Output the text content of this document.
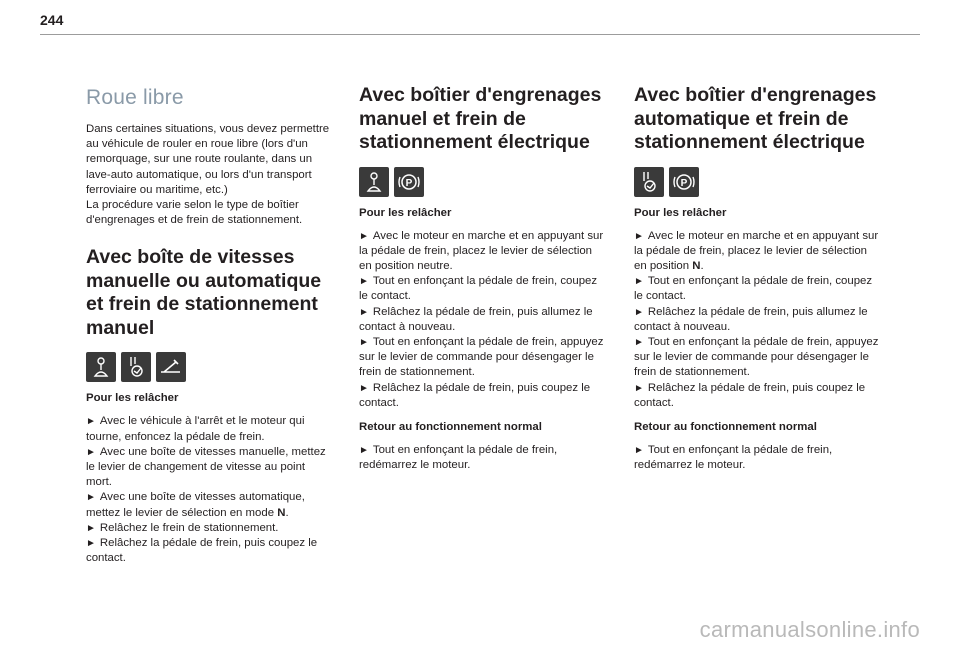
244
Roue libre

Dans certaines situations, vous devez permettre
au véhicule de rouler en roue libre (lors d'un
remorquage, sur une route roulante, dans un
lave-auto automatique, ou lors d'un transport
ferroviaire ou maritime, etc.)
La procédure varie selon le type de boîtier
d'engrenages et de frein de stationnement.

Avec boîte de vitesses manuelle ou automatique et frein de stationnement manuel
Pour les relâcher
► Avec le véhicule à l'arrêt et le moteur qui
tourne, enfoncez la pédale de frein.
► Avec une boîte de vitesses manuelle, mettez
le levier de changement de vitesse au point
mort.
► Avec une boîte de vitesses automatique,
mettez le levier de sélection en mode N.
► Relâchez le frein de stationnement.
► Relâchez la pédale de frein, puis coupez le
contact.
Avec boîtier d'engrenages manuel et frein de stationnement électrique
P
Pour les relâcher
► Avec le moteur en marche et en appuyant sur
la pédale de frein, placez le levier de sélection
en position neutre.
► Tout en enfonçant la pédale de frein, coupez
le contact.
► Relâchez la pédale de frein, puis allumez le
contact à nouveau.
► Tout en enfonçant la pédale de frein, appuyez
sur le levier de commande pour désengager le
frein de stationnement.
► Relâchez la pédale de frein, puis coupez le
contact.
Retour au fonctionnement normal
► Tout en enfonçant la pédale de frein,
redémarrez le moteur.
Avec boîtier d'engrenages automatique et frein de stationnement électrique
P
Pour les relâcher
► Avec le moteur en marche et en appuyant sur
la pédale de frein, placez le levier de sélection
en position N.
► Tout en enfonçant la pédale de frein, coupez
le contact.
► Relâchez la pédale de frein, puis allumez le
contact à nouveau.
► Tout en enfonçant la pédale de frein, appuyez
sur le levier de commande pour désengager le
frein de stationnement.
► Relâchez la pédale de frein, puis coupez le
contact.
Retour au fonctionnement normal
► Tout en enfonçant la pédale de frein,
redémarrez le moteur.
carmanualsonline.info
